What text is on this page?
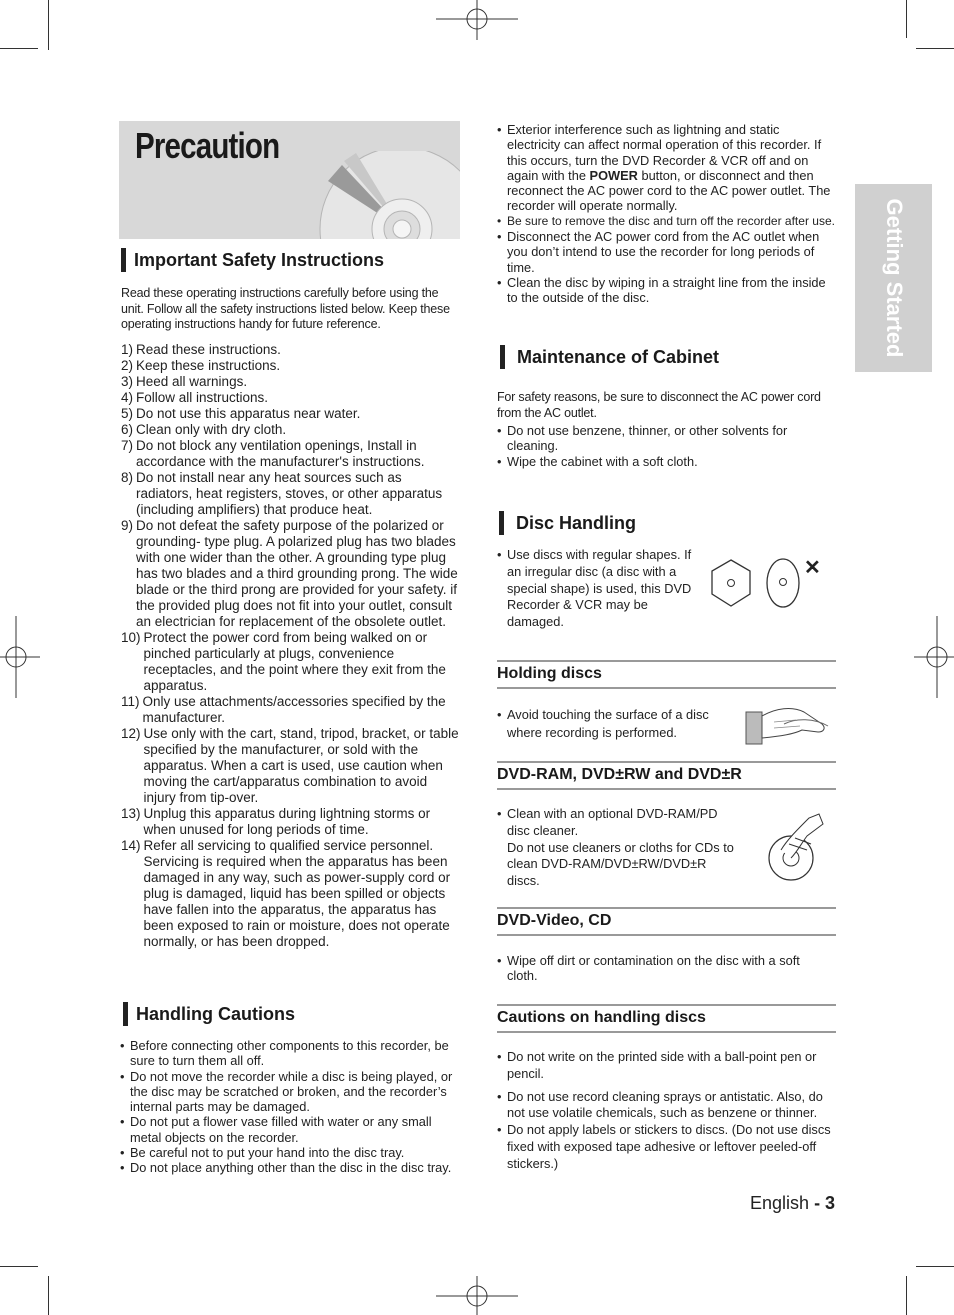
Precaution
Getting Started
Important Safety Instructions

Read these operating instructions carefully before using the unit. Follow all the safety instructions listed below. Keep these operating instructions handy for future reference.

1) Read these instructions.
2) Keep these instructions.
3) Heed all warnings.
4) Follow all instructions.
5) Do not use this apparatus near water.
6) Clean only with dry cloth.
7) Do not block any ventilation openings, Install in accordance with the manufacturer's instructions.
8) Do not install near any heat sources such as radiators, heat registers, stoves, or other apparatus (including amplifiers) that produce heat.
9) Do not defeat the safety purpose of the polarized or grounding- type plug. A polarized plug has two blades with one wider than the other. A grounding type plug has two blades and a third grounding prong. The wide blade or the third prong are provided for your safety. if the provided plug does not fit into your outlet, consult an electrician for replacement of the obsolete outlet.
10) Protect the power cord from being walked on or pinched particularly at plugs, convenience receptacles, and the point where they exit from the apparatus.
11) Only use attachments/accessories specified by the manufacturer.
12) Use only with the cart, stand, tripod, bracket, or table specified by the manufacturer, or sold with the apparatus. When a cart is used, use caution when moving the cart/apparatus combination to avoid injury from tip-over.
13) Unplug this apparatus during lightning storms or when unused for long periods of time.
14) Refer all servicing to qualified service personnel. Servicing is required when the apparatus has been damaged in any way, such as power-supply cord or plug is damaged, liquid has been spilled or objects have fallen into the apparatus, the apparatus has been exposed to rain or moisture, does not operate normally, or has been dropped.
Handling Cautions
• Before connecting other components to this recorder, be sure to turn them all off.
• Do not move the recorder while a disc is being played, or the disc may be scratched or broken, and the recorder’s internal parts may be damaged.
• Do not put a flower vase filled with water or any small metal objects on the recorder.
• Be careful not to put your hand into the disc tray.
• Do not place anything other than the disc in the disc tray.
• Exterior interference such as lightning and static electricity can affect normal operation of this recorder. If this occurs, turn the DVD Recorder & VCR off and on again with the POWER button, or disconnect and then reconnect the AC power cord to the AC power outlet. The recorder will operate normally.
• Be sure to remove the disc and turn off the recorder after use.
• Disconnect the AC power cord from the AC outlet when you don’t intend to use the recorder for long periods of time.
• Clean the disc by wiping in a straight line from the inside to the outside of the disc.
Maintenance of Cabinet

For safety reasons, be sure to disconnect the AC power cord from the AC outlet.

• Do not use benzene, thinner, or other solvents for cleaning.
• Wipe the cabinet with a soft cloth.
Disc Handling
• Use discs with regular shapes. If an irregular disc (a disc with a special shape) is used, this DVD Recorder & VCR may be damaged.
✕
Holding discs
• Avoid touching the surface of a disc where recording is performed.
DVD-RAM, DVD±RW and DVD±R
• Clean with an optional DVD-RAM/PD disc cleaner.
Do not use cleaners or cloths for CDs to clean DVD-RAM/DVD±RW/DVD±R discs.
DVD-Video, CD
• Wipe off dirt or contamination on the disc with a soft cloth.
Cautions on handling discs
• Do not write on the printed side with a ball-point pen or pencil.
• Do not use record cleaning sprays or antistatic. Also, do not use volatile chemicals, such as benzene or thinner.
• Do not apply labels or stickers to discs. (Do not use discs fixed with exposed tape adhesive or leftover peeled-off stickers.)
English - 3
